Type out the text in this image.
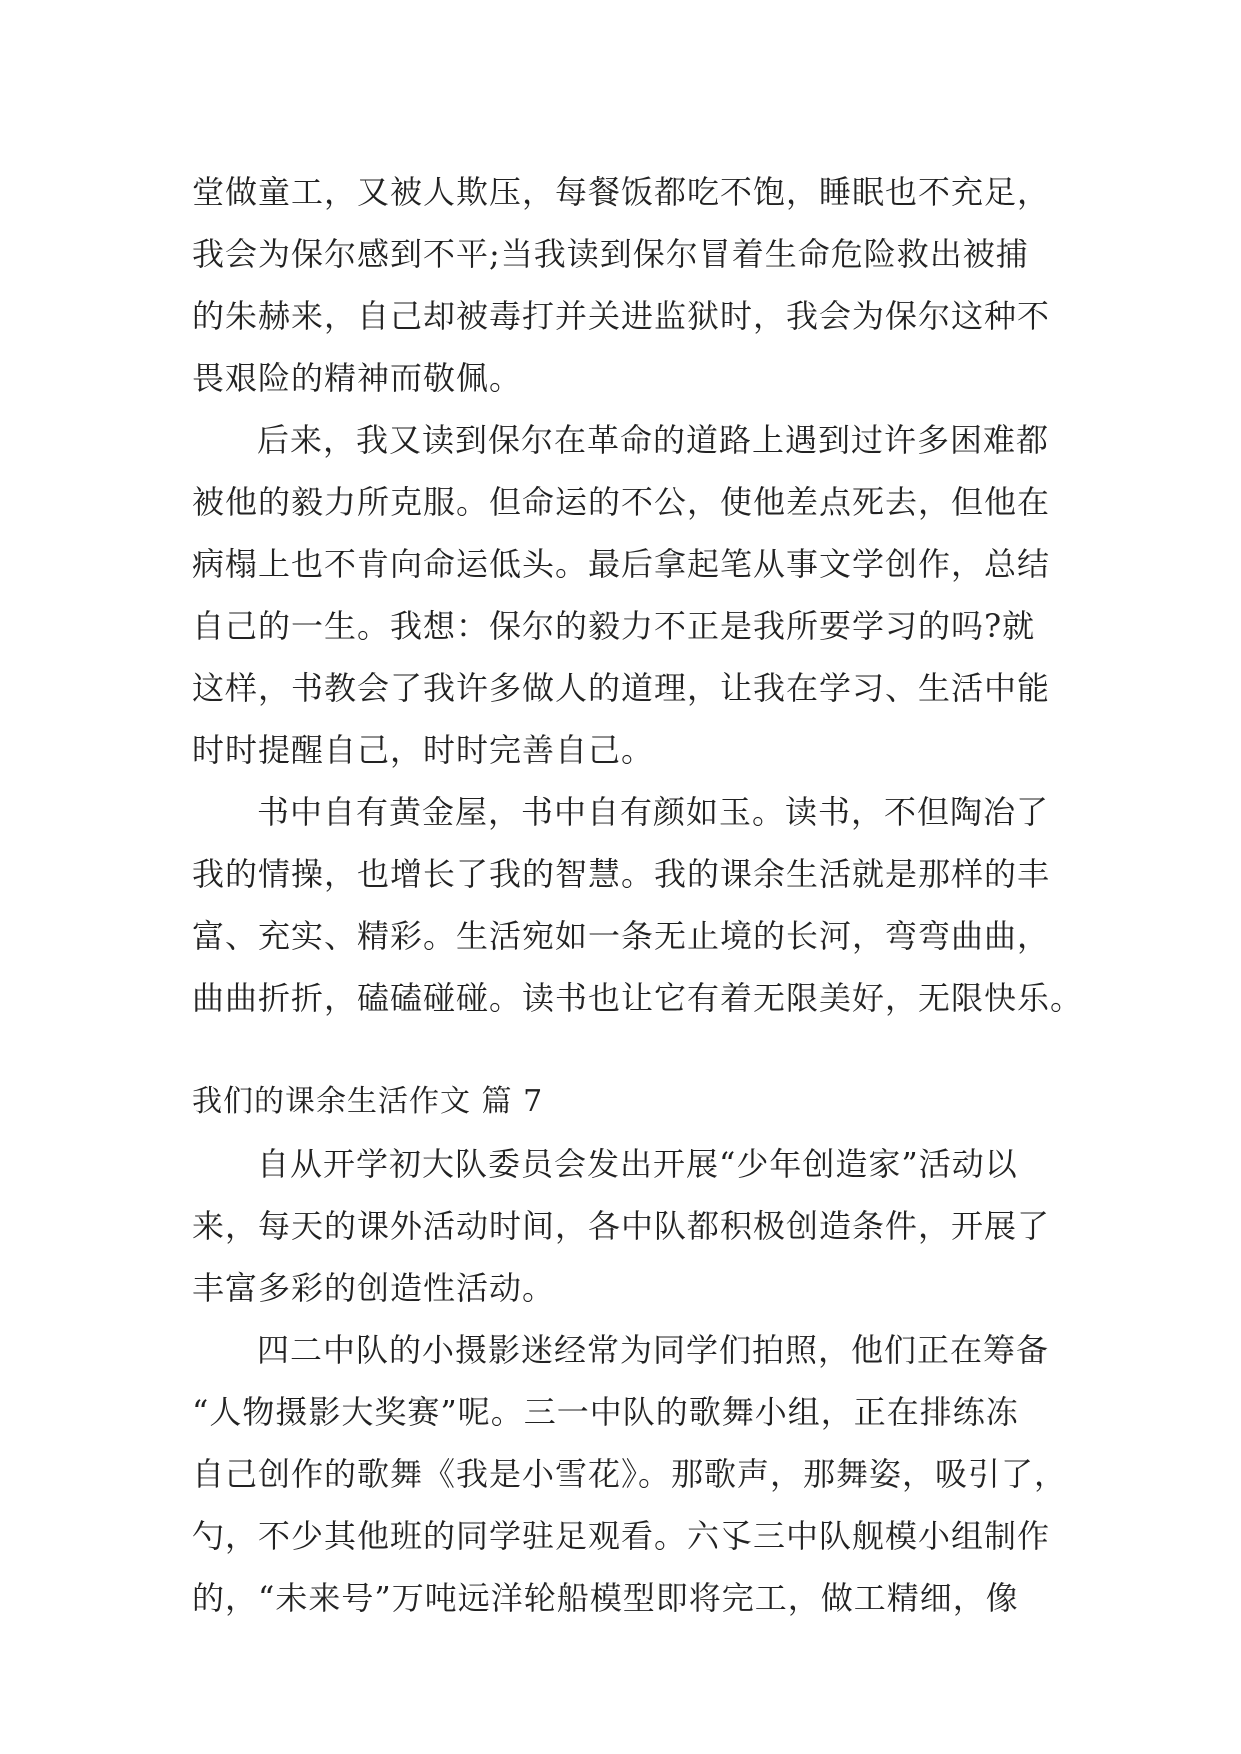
堂做童工，又被人欺压，每餐饭都吃不饱，睡眠也不充足，
我会为保尔感到不平;当我读到保尔冒着生命危险救出被捕
的朱赫来，自己却被毒打并关进监狱时，我会为保尔这种不
畏艰险的精神而敬佩。
后来，我又读到保尔在革命的道路上遇到过许多困难都
被他的毅力所克服。但命运的不公，使他差点死去，但他在
病榻上也不肯向命运低头。最后拿起笔从事文学创作，总结
自己的一生。我想：保尔的毅力不正是我所要学习的吗?就
这样，书教会了我许多做人的道理，让我在学习、生活中能
时时提醒自己，时时完善自己。
书中自有黄金屋，书中自有颜如玉。读书，不但陶冶了
我的情操，也增长了我的智慧。我的课余生活就是那样的丰
富、充实、精彩。生活宛如一条无止境的长河，弯弯曲曲，
曲曲折折，磕磕碰碰。读书也让它有着无限美好，无限快乐。
我们的课余生活作文 篇 7
自从开学初大队委员会发出开展“少年创造家”活动以
来，每天的课外活动时间，各中队都积极创造条件，开展了
丰富多彩的创造性活动。
四二中队的小摄影迷经常为同学们拍照，他们正在筹备
“人物摄影大奖赛”呢。三一中队的歌舞小组，正在排练冻
自己创作的歌舞《我是小雪花》。那歌声，那舞姿，吸引了，
勺，不少其他班的同学驻足观看。六孓三中队舰模小组制作
的，“未来号”万吨远洋轮船模型即将完工，做工精细，像
